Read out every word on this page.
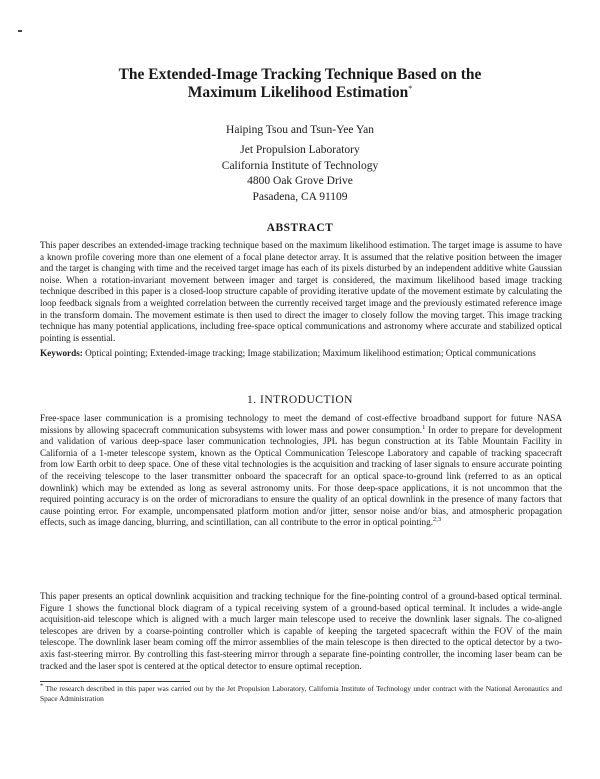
The Extended-Image Tracking Technique Based on the
Maximum Likelihood Estimation*
Haiping Tsou and Tsun-Yee Yan
Jet Propulsion Laboratory
California Institute of Technology
4800 Oak Grove Drive
Pasadena, CA 91109
ABSTRACT

This paper describes an extended-image tracking technique based on the maximum likelihood estimation. The target image is assume to have a known profile covering more than one element of a focal plane detector array. It is assumed that the relative position between the imager and the target is changing with time and the received target image has each of its pixels disturbed by an independent additive white Gaussian noise. When a rotation-invariant movement between imager and target is considered, the maximum likelihood based image tracking technique described in this paper is a closed-loop structure capable of providing iterative update of the movement estimate by calculating the loop feedback signals from a weighted correlation between the currently received target image and the previously estimated reference image in the transform domain. The movement estimate is then used to direct the imager to closely follow the moving target. This image tracking technique has many potential applications, including free-space optical communications and astronomy where accurate and stabilized optical pointing is essential.

Keywords: Optical pointing; Extended-image tracking; Image stabilization; Maximum likelihood estimation; Optical communications

1. INTRODUCTION

Free-space laser communication is a promising technology to meet the demand of cost-effective broadband support for future NASA missions by allowing spacecraft communication subsystems with lower mass and power consumption.$^1$ In order to prepare for development and validation of various deep-space laser communication technologies, JPL has begun construction at its Table Mountain Facility in California of a 1-meter telescope system, known as the Optical Communication Telescope Laboratory and capable of tracking spacecraft from low Earth orbit to deep space. One of these vital technologies is the acquisition and tracking of laser signals to ensure accurate pointing of the receiving telescope to the laser transmitter onboard the spacecraft for an optical space-to-ground link (referred to as an optical downlink) which may be extended as long as several astronomy units. For those deep-space applications, it is not uncommon that the required pointing accuracy is on the order of microradians to ensure the quality of an optical downlink in the presence of many factors that cause pointing error. For example, uncompensated platform motion and/or jitter, sensor noise and/or bias, and atmospheric propagation effects, such as image dancing, blurring, and scintillation, can all contribute to the error in optical pointing.$^{2,3}$

This paper presents an optical downlink acquisition and tracking technique for the fine-pointing control of a ground-based optical terminal. Figure 1 shows the functional block diagram of a typical receiving system of a ground-based optical terminal. It includes a wide-angle acquisition-aid telescope which is aligned with a much larger main telescope used to receive the downlink laser signals. The co-aligned telescopes are driven by a coarse-pointing controller which is capable of keeping the targeted spacecraft within the FOV of the main telescope. The downlink laser beam coming off the mirror assemblies of the main telescope is then directed to the optical detector by a two-axis fast-steering mirror. By controlling this fast-steering mirror through a separate fine-pointing controller, the incoming laser beam can be tracked and the laser spot is centered at the optical detector to ensure optimal reception.

* The research described in this paper was carried out by the Jet Propulsion Laboratory, California Institute of Technology under contract with the National Aeronautics and Space Administration
